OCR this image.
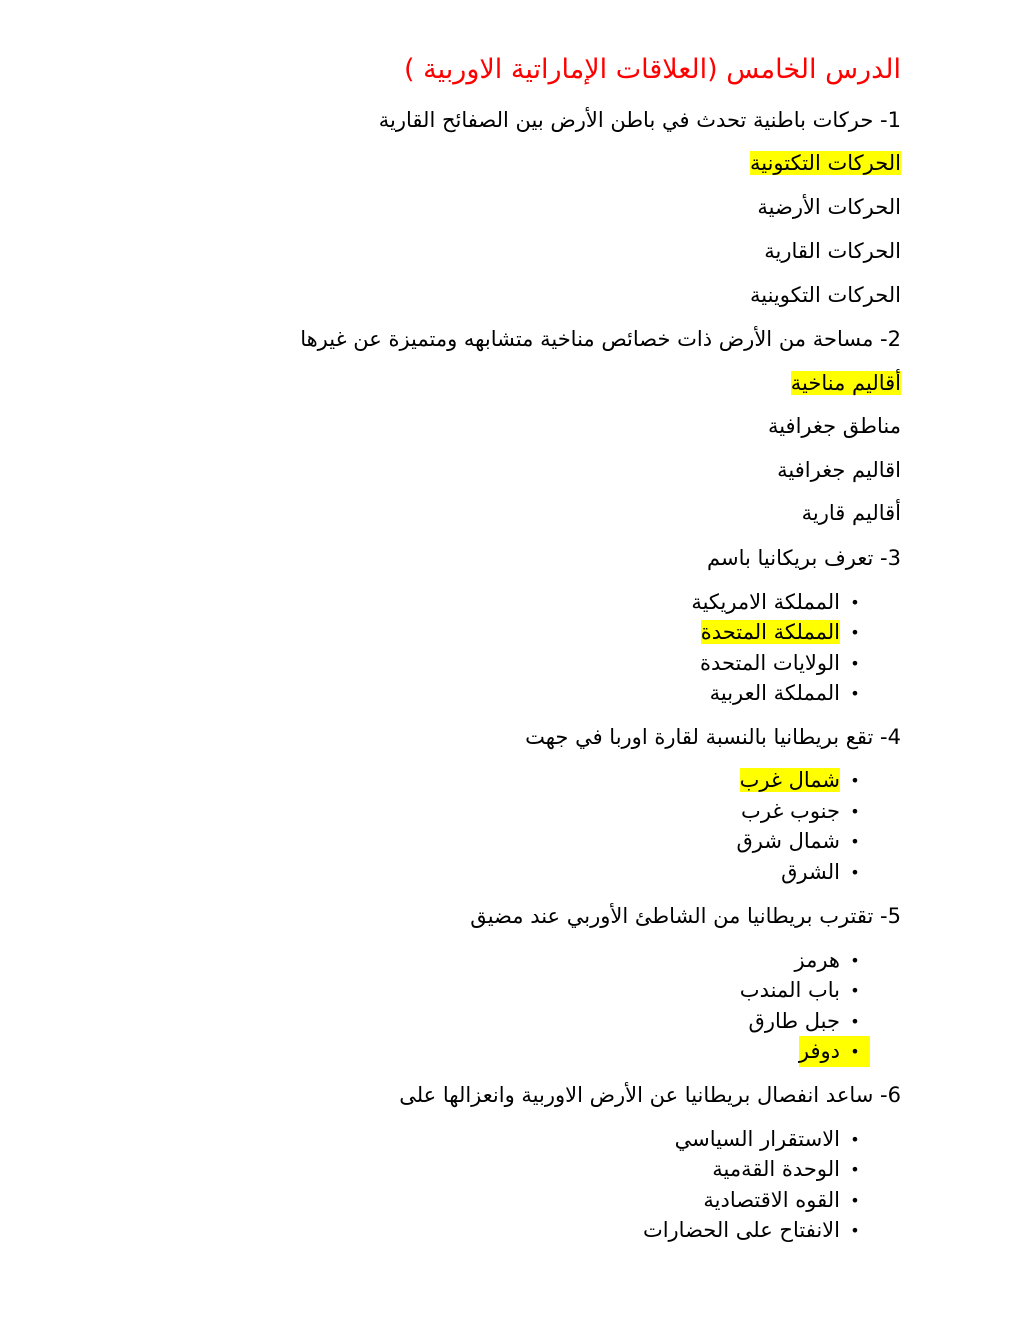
الدرس الخامس (العلاقات الإماراتية الاوربية )
1- حركات باطنية تحدث في باطن الأرض بين الصفائح القارية
الحركات التكتونية
الحركات الأرضية
الحركات القارية
الحركات التكوينية
2- مساحة من الأرض ذات خصائص مناخية متشابهه ومتميزة عن غيرها
أقاليم مناخية
مناطق جغرافية
اقاليم جغرافية
أقاليم قارية
3- تعرف بريكانيا باسم
•المملكة الامريكية
•المملكة المتحدة
•الولايات المتحدة
•المملكة العربية
4- تقع بريطانيا بالنسبة لقارة اوربا في جهت
•شمال غرب
•جنوب غرب
•شمال شرق
•الشرق
5- تقترب بريطانيا من الشاطئ الأوربي عند مضيق
•هرمز
•باب المندب
•جبل طارق
•دوفر
6- ساعد انفصال بريطانيا عن الأرض الاوربية وانعزالها على
•الاستقرار السياسي
•الوحدة القةمية
•القوه الاقتصادية
•الانفتاح على الحضارات
